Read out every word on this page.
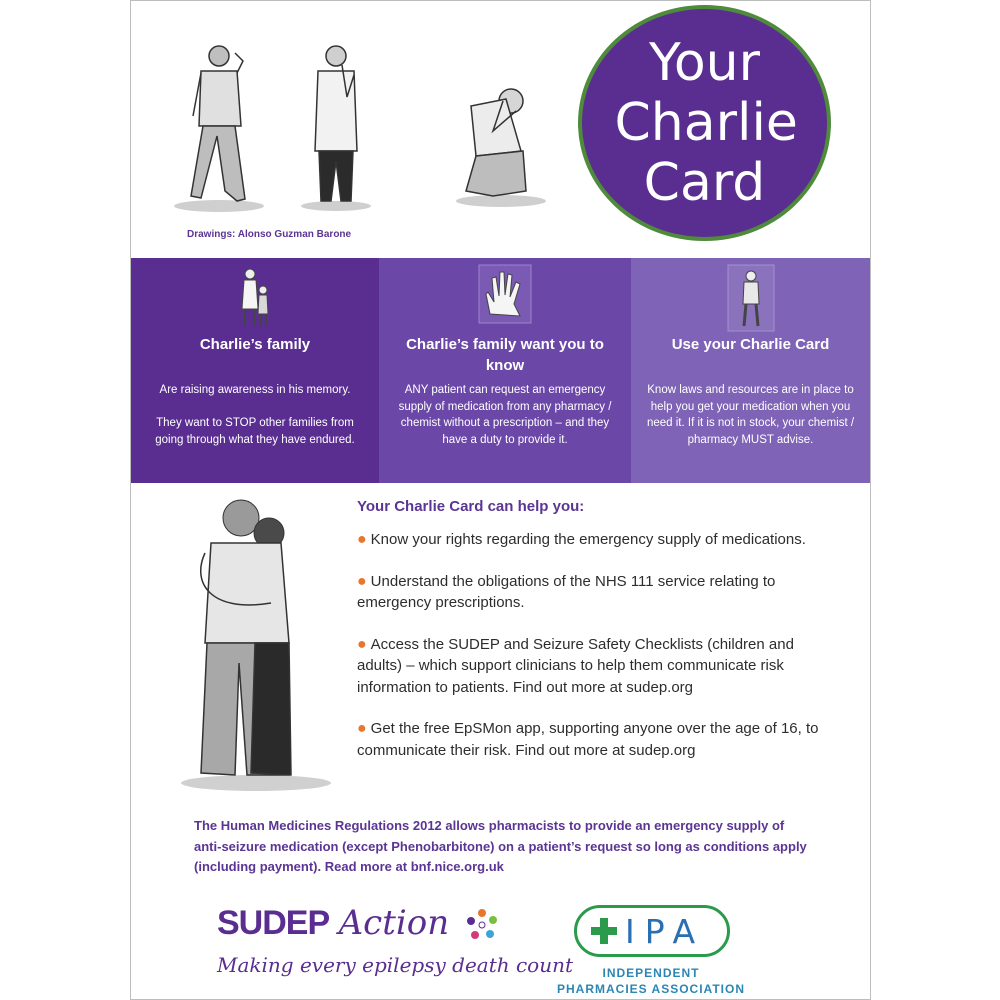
Drawings: Alonso Guzman Barone
Your
Charlie
Card
Charlie’s family
Are raising awareness in his memory.

They want to STOP other families from going through what they have endured.
Charlie’s family want you to know
ANY patient can request an emergency supply of medication from any pharmacy / chemist without a prescription – and they have a duty to provide it.
Use your Charlie Card
Know laws and resources are in place to help you get your medication when you need it. If it is not in stock, your chemist / pharmacy MUST advise.
Your Charlie Card can help you:
● Know your rights regarding the emergency supply of medications.
● Understand the obligations of the NHS 111 service relating to emergency prescriptions.
● Access the SUDEP and Seizure Safety Checklists (children and adults) – which support clinicians to help them communicate risk information to patients. Find out more at sudep.org
● Get the free EpSMon app, supporting anyone over the age of 16, to communicate their risk. Find out more at sudep.org
The Human Medicines Regulations 2012 allows pharmacists to provide an emergency supply of anti-seizure medication (except Phenobarbitone) on a patient’s request so long as conditions apply (including payment). Read more at bnf.nice.org.uk
SUDEP Action
Making every epilepsy death count
IPA
INDEPENDENT
PHARMACIES ASSOCIATION
